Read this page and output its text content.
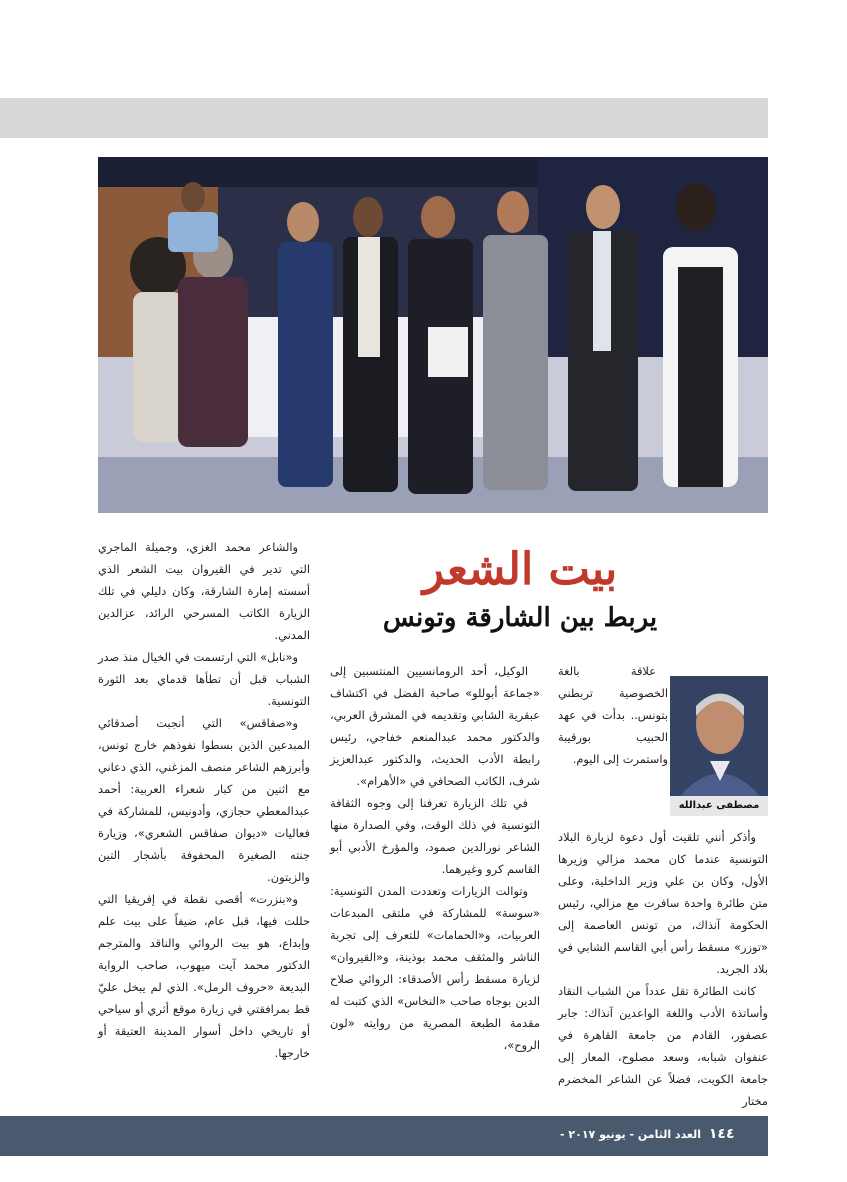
بيت الشعر
يربط بين الشارقة وتونس
مصطفى عبدالله

علاقة بالغة الخصوصية تربطني بتونس.. بدأت في عهد الحبيب بورقيبة واستمرت إلى اليوم.

وأذكر أنني تلقيت أول دعوة لزيارة البلاد التونسية عندما كان محمد مزالي وزيرها الأول، وكان بن علي وزير الداخلية، وعلى متن طائرة واحدة سافرت مع مزالي، رئيس الحكومة آنذاك، من تونس العاصمة إلى «توزر» مسقط رأس أبي القاسم الشابي في بلاد الجريد.

كانت الطائرة تقل عدداً من الشباب النقاد وأساتذة الأدب واللغة الواعدين آنذاك: جابر عصفور، القادم من جامعة القاهرة في عنفوان شبابه، وسعد مصلوح، المعار إلى جامعة الكويت، فضلاً عن الشاعر المخضرم مختار

الوكيل، أحد الرومانسيين المنتسبين إلى «جماعة أبوللو» صاحبة الفضل في اكتشاف عبقرية الشابي وتقديمه في المشرق العربي، والدكتور محمد عبدالمنعم خفاجي، رئيس رابطة الأدب الحديث، والدكتور عبدالعزيز شرف، الكاتب الصحافي في «الأهرام».

في تلك الزيارة تعرفنا إلى وجوه الثقافة التونسية في ذلك الوقت، وفي الصدارة منها الشاعر نورالدين صمود، والمؤرخ الأدبي أبو القاسم كرو وغيرهما.

وتوالت الزيارات وتعددت المدن التونسية: «سوسة» للمشاركة في ملتقى المبدعات العربيات، و«الحمامات» للتعرف إلى تجربة الناشر والمثقف محمد بوذينة، و«القيروان» لزيارة مسقط رأس الأصدقاء: الروائي صلاح الدين بوجاه صاحب «النخاس» الذي كتبت له مقدمة الطبعة المصرية من روايته «لون الروح»،

والشاعر محمد الغزي، وجميلة الماجري التي تدير في القيروان بيت الشعر الذي أسسته إمارة الشارقة، وكان دليلي في تلك الزيارة الكاتب المسرحي الرائد، عزالدين المدني.

و«نابل» التي ارتسمت في الخيال منذ صدر الشباب قبل أن تطأها قدماي بعد الثورة التونسية.

و«صفاقس» التي أنجبت أصدقائي المبدعين الذين بسطوا نفوذهم خارج تونس، وأبرزهم الشاعر منصف المزغني، الذي دعاني مع اثنين من كبار شعراء العربية: أحمد عبدالمعطي حجازي، وأدونيس، للمشاركة في فعاليات «ديوان صفاقس الشعري»، وزيارة جنته الصغيرة المحفوفة بأشجار التين والزيتون.

و«بنزرت» أقصى نقطة في إفريقيا التي حللت فيها، قبل عام، ضيفاً على بيت علم وإبداع، هو بيت الروائي والناقد والمترجم الدكتور محمد آيت ميهوب، صاحب الرواية البديعة «حروف الرمل». الذي لم يبخل عليّ قط بمرافقتي في زيارة موقع أثري أو سياحي أو تاريخي داخل أسوار المدينة العتيقة أو خارجها.

١٤٤ العدد الثامن - يونيو ٢٠١٧ -
